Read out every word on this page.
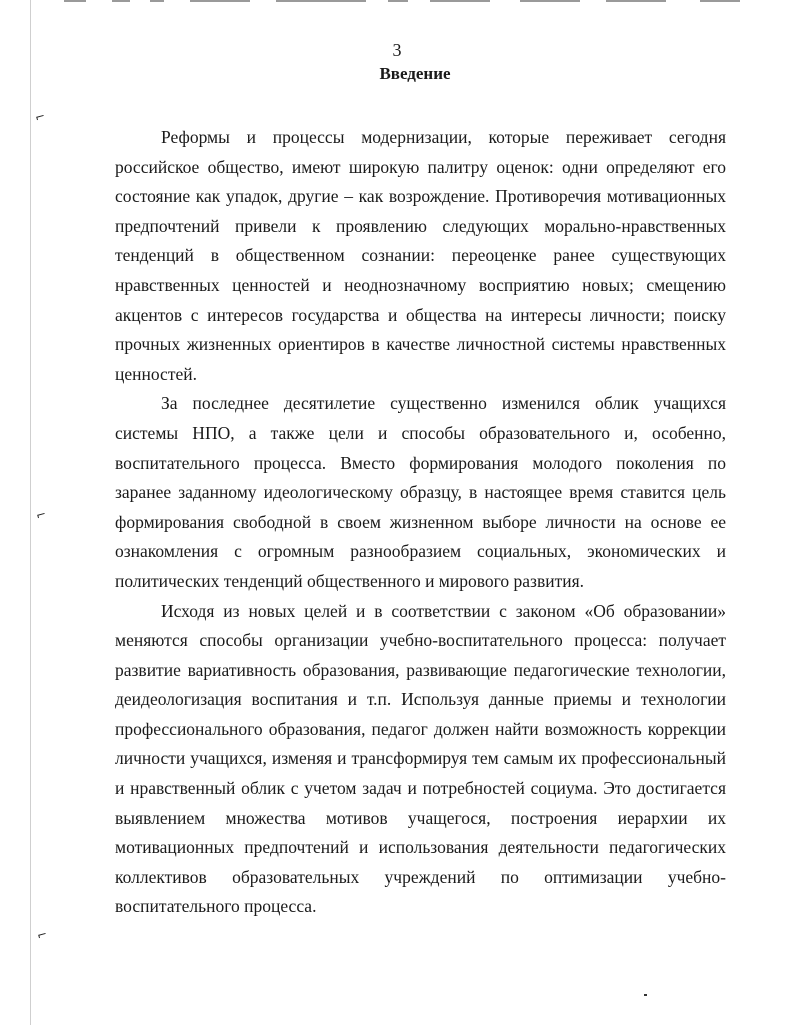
⌐
⌐
⌐
3
Введение

Реформы и процессы модернизации, которые переживает сегодня российское общество, имеют широкую палитру оценок: одни определяют его состояние как упадок, другие – как возрождение. Противоречия мотивационных предпочтений привели к проявлению следующих морально-нравственных тенденций в общественном сознании: переоценке ранее существующих нравственных ценностей и неоднозначному восприятию новых; смещению акцентов с интересов государства и общества на интересы личности; поиску прочных жизненных ориентиров в качестве личностной системы нравственных ценностей.

За последнее десятилетие существенно изменился облик учащихся системы НПО, а также цели и способы образовательного и, особенно, воспитательного процесса. Вместо формирования молодого поколения по заранее заданному идеологическому образцу, в настоящее время ставится цель формирования свободной в своем жизненном выборе личности на основе ее ознакомления с огромным разнообразием социальных, экономических и политических тенденций общественного и мирового развития.

Исходя из новых целей и в соответствии с законом «Об образовании» меняются способы организации учебно-воспитательного процесса: получает развитие вариативность образования, развивающие педагогические технологии, деидеологизация воспитания и т.п. Используя данные приемы и технологии профессионального образования, педагог должен найти возможность коррекции личности учащихся, изменяя и трансформируя тем самым их профессиональный и нравственный облик с учетом задач и потребностей социума. Это достигается выявлением множества мотивов учащегося, построения иерархии их мотивационных предпочтений и использования деятельности педагогических коллективов образовательных учреждений по оптимизации учебно-воспитательного процесса.
